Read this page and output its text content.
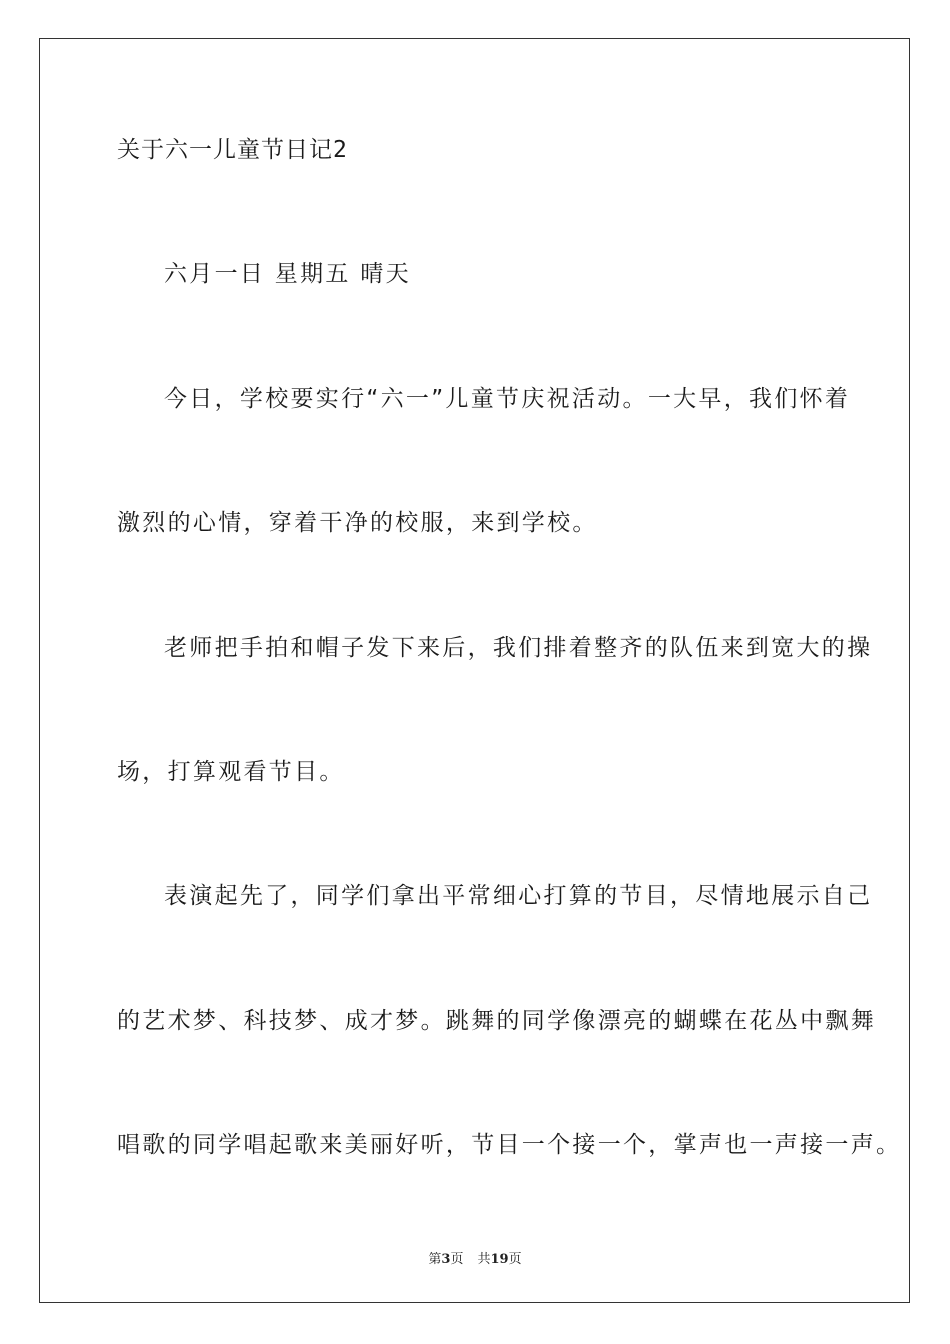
关于六一儿童节日记2
六月一日 星期五 晴天
今日，学校要实行“六一”儿童节庆祝活动。一大早，我们怀着
激烈的心情，穿着干净的校服，来到学校。
老师把手拍和帽子发下来后，我们排着整齐的队伍来到宽大的操
场，打算观看节目。
表演起先了，同学们拿出平常细心打算的节目，尽情地展示自己
的艺术梦、科技梦、成才梦。跳舞的同学像漂亮的蝴蝶在花丛中飘舞
唱歌的同学唱起歌来美丽好听，节目一个接一个，掌声也一声接一声。
第3页 共19页
